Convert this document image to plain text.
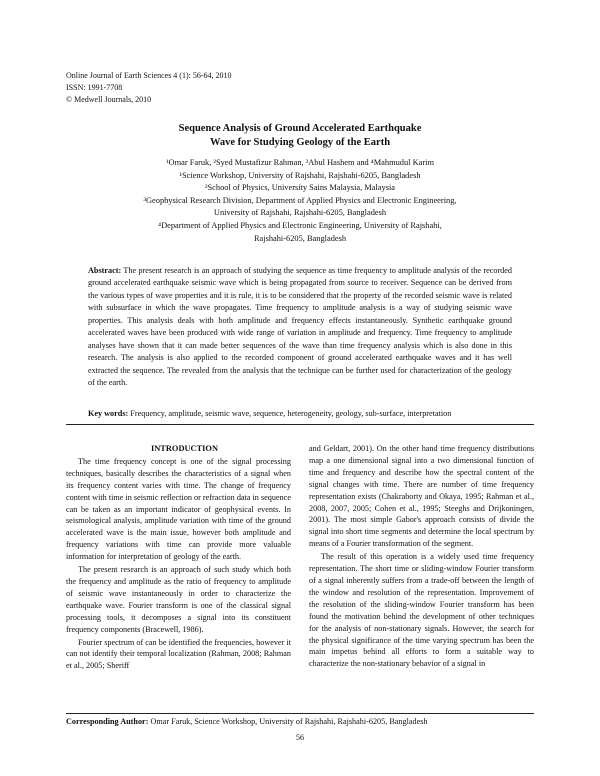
Online Journal of Earth Sciences 4 (1): 56-64, 2010
ISSN: 1991-7708
© Medwell Journals, 2010
Sequence Analysis of Ground Accelerated Earthquake
Wave for Studying Geology of the Earth
¹Omar Faruk, ²Syed Mustafizur Rahman, ³Abul Hashem and ⁴Mahmudul Karim
¹Science Workshop, University of Rajshahi, Rajshahi-6205, Bangladesh
²School of Physics, University Sains Malaysia, Malaysia
³Geophysical Research Division, Department of Applied Physics and Electronic Engineering,
University of Rajshahi, Rajshahi-6205, Bangladesh
⁴Department of Applied Physics and Electronic Engineering, University of Rajshahi,
Rajshahi-6205, Bangladesh
Abstract: The present research is an approach of studying the sequence as time frequency to amplitude analysis of the recorded ground accelerated earthquake seismic wave which is being propagated from source to receiver. Sequence can be derived from the various types of wave properties and it is rule, it is to be considered that the property of the recorded seismic wave is related with subsurface in which the wave propagates. Time frequency to amplitude analysis is a way of studying seismic wave properties. This analysis deals with both amplitude and frequency effects instantaneously. Synthetic earthquake ground accelerated waves have been produced with wide range of variation in amplitude and frequency. Time frequency to amplitude analyses have shown that it can made better sequences of the wave than time frequency analysis which is also done in this research. The analysis is also applied to the recorded component of ground accelerated earthquake waves and it has well extracted the sequence. The revealed from the analysis that the technique can be further used for characterization of the geology of the earth.
Key words: Frequency, amplitude, seismic wave, sequence, heterogeneity, geology, sub-surface, interpretation

INTRODUCTION

The time frequency concept is one of the signal processing techniques, basically describes the characteristics of a signal when its frequency content varies with time. The change of frequency content with time in seismic reflection or refraction data in sequence can be taken as an important indicator of geophysical events. In seismological analysis, amplitude variation with time of the ground accelerated wave is the main issue, however both amplitude and frequency variations with time can provide more valuable information for interpretation of geology of the earth.

The present research is an approach of such study which both the frequency and amplitude as the ratio of frequency to amplitude of seismic wave instantaneously in order to characterize the earthquake wave. Fourier transform is one of the classical signal processing tools, it decomposes a signal into its constituent frequency components (Bracewell, 1986).

Fourier spectrum of can be identified the frequencies, however it can not identify their temporal localization (Rahman, 2008; Rahman et al., 2005; Sheriff

and Geldart, 2001). On the other hand time frequency distributions map a one dimensional signal into a two dimensional function of time and frequency and describe how the spectral content of the signal changes with time. There are number of time frequency representation exists (Chakraborty and Okaya, 1995; Rahman et al., 2008, 2007, 2005; Cohen et al., 1995; Steeghs and Drijkoningen, 2001). The most simple Gabor's approach consists of divide the signal into short time segments and determine the local spectrum by means of a Fourier transformation of the segment.

The result of this operation is a widely used time frequency representation. The short time or sliding-window Fourier transform of a signal inherently suffers from a trade-off between the length of the window and resolution of the representation. Improvement of the resolution of the sliding-window Fourier transform has been found the motivation behind the development of other techniques for the analysis of non-stationary signals. However, the search for the physical significance of the time varying spectrum has been the main impetus behind all efforts to form a suitable way to characterize the non-stationary behavior of a signal in

Corresponding Author: Omar Faruk, Science Workshop, University of Rajshahi, Rajshahi-6205, Bangladesh
56
